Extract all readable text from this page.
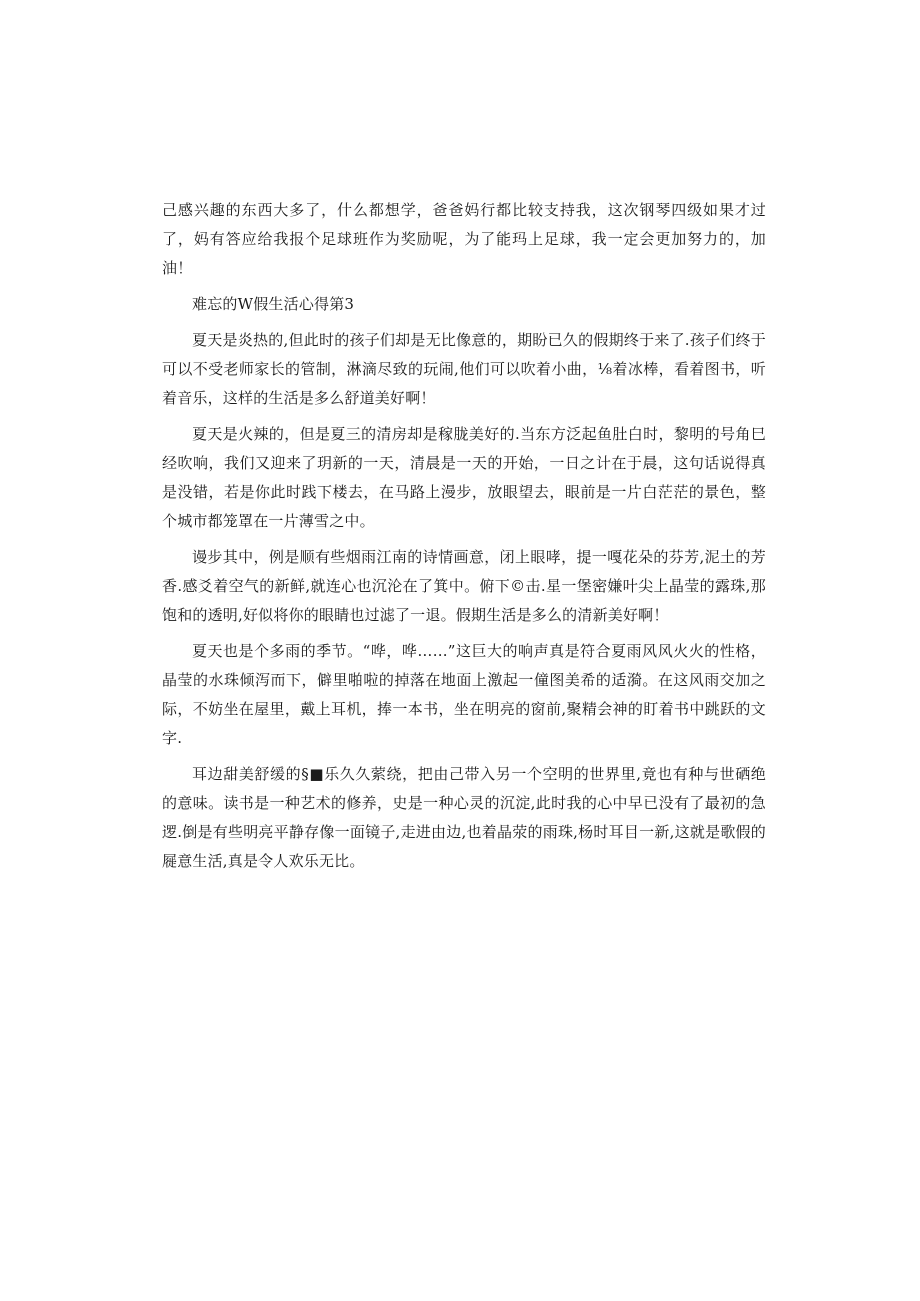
己感兴趣的东西大多了，什么都想学，爸爸妈行都比较支持我，这次钢琴四级如果才过了，妈有答应给我报个足球班作为奖励呢，为了能玛上足球，我一定会更加努力的，加油！

难忘的W假生活心得第3

夏天是炎热的,但此时的孩子们却是无比像意的，期盼已久的假期终于来了.孩子们终于可以不受老师家长的管制，淋滴尽致的玩闹,他们可以吹着小曲，⅛着冰棒，看着图书，听着音乐，这样的生活是多么舒道美好啊！

夏天是火辣的，但是夏三的清房却是稼胧美好的.当东方泛起鱼肚白时，黎明的号角巳经吹响，我们又迎来了玥新的一天，清晨是一天的开始，一日之计在于晨，这句话说得真是没错，若是你此时践下楼去，在马路上漫步，放眼望去，眼前是一片白茫茫的景色，整个城市都笼罩在一片薄雪之中。

谩步其中，例是顺有些烟雨江南的诗情画意，闭上眼哮，提一嘎花朵的芬芳,泥土的芳香.感爻着空气的新鲜,就连心也沉沦在了箕中。俯下©击.星一堡密嫌叶尖上晶莹的露珠,那饱和的透明,好似将你的眼睛也过滤了一退。假期生活是多么的清新美好啊！

夏天也是个多雨的季节。“哗，哗……”这巨大的响声真是符合夏雨风风火火的性格，晶莹的水珠倾泻而下，僻里啪啦的掉落在地面上激起一僮图美希的适漪。在这风雨交加之际，不妨坐在屋里，戴上耳机，捧一本书，坐在明亮的窗前,聚精会神的盯着书中跳跃的文字.

耳边甜美舒缓的§■乐久久萦绕，把由己带入另一个空明的世界里,竟也有种与世硒绝的意味。读书是一种艺术的修养，史是一种心灵的沉淀,此时我的心中早已没有了最初的急逻.倒是有些明亮平静存像一面镜子,走进由边,也着晶荥的雨珠,杨时耳目一新,这就是歌假的屣意生活,真是令人欢乐无比。
